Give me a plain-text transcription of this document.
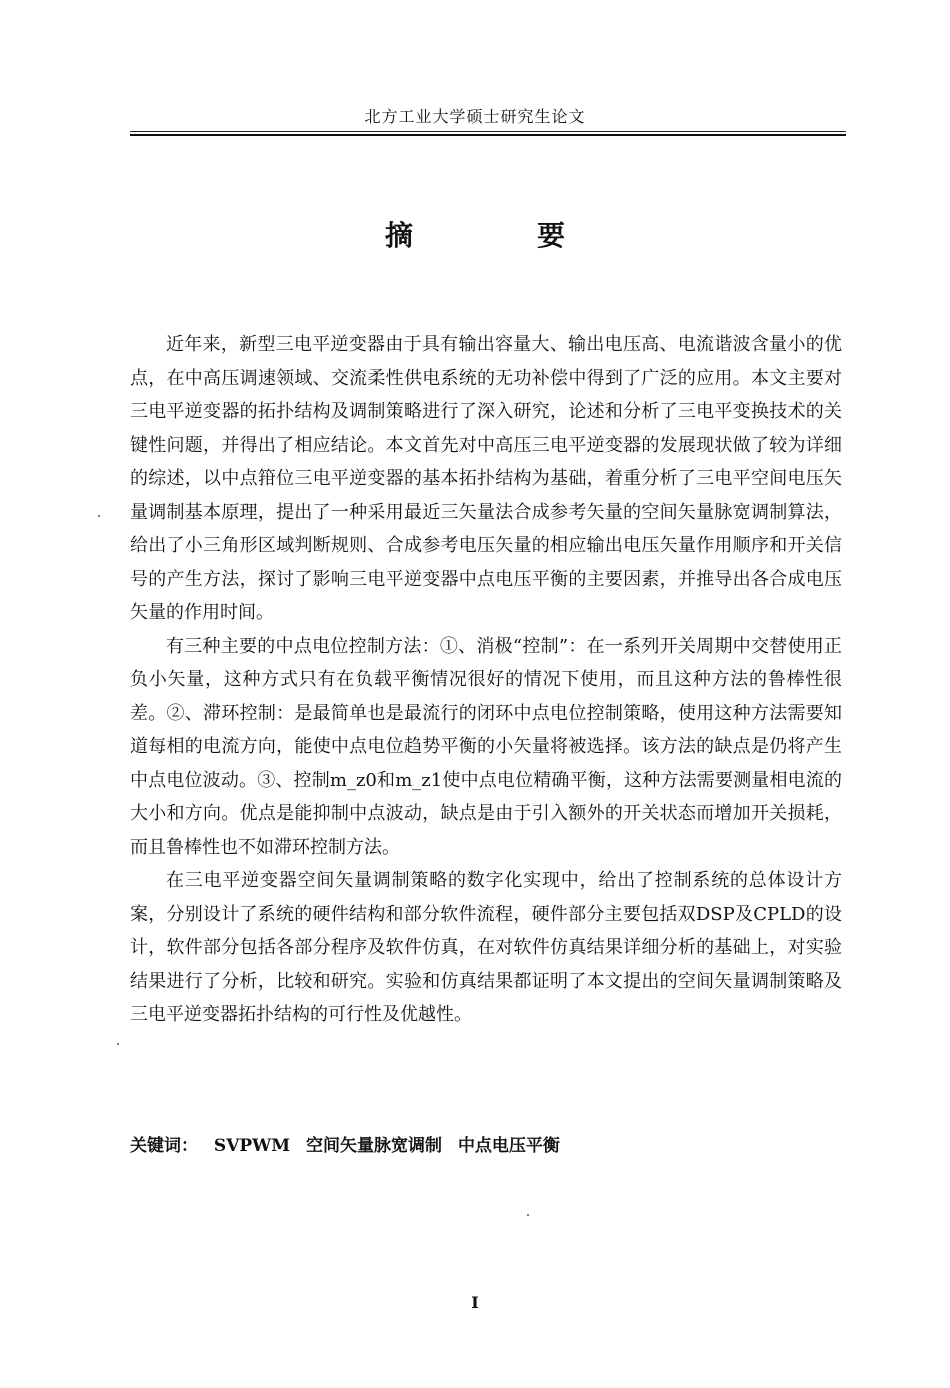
北方工业大学硕士研究生论文
摘　要

近年来，新型三电平逆变器由于具有输出容量大、输出电压高、电流谐波含量小的优点，在中高压调速领域、交流柔性供电系统的无功补偿中得到了广泛的应用。本文主要对三电平逆变器的拓扑结构及调制策略进行了深入研究，论述和分析了三电平变换技术的关键性问题，并得出了相应结论。本文首先对中高压三电平逆变器的发展现状做了较为详细的综述，以中点箝位三电平逆变器的基本拓扑结构为基础，着重分析了三电平空间电压矢量调制基本原理，提出了一种采用最近三矢量法合成参考矢量的空间矢量脉宽调制算法，给出了小三角形区域判断规则、合成参考电压矢量的相应输出电压矢量作用顺序和开关信号的产生方法，探讨了影响三电平逆变器中点电压平衡的主要因素，并推导出各合成电压矢量的作用时间。

有三种主要的中点电位控制方法：①、消极“控制”：在一系列开关周期中交替使用正负小矢量，这种方式只有在负载平衡情况很好的情况下使用，而且这种方法的鲁棒性很差。②、滞环控制：是最简单也是最流行的闭环中点电位控制策略，使用这种方法需要知道每相的电流方向，能使中点电位趋势平衡的小矢量将被选择。该方法的缺点是仍将产生中点电位波动。③、控制m_z0和m_z1使中点电位精确平衡，这种方法需要测量相电流的大小和方向。优点是能抑制中点波动，缺点是由于引入额外的开关状态而增加开关损耗，而且鲁棒性也不如滞环控制方法。

在三电平逆变器空间矢量调制策略的数字化实现中，给出了控制系统的总体设计方案，分别设计了系统的硬件结构和部分软件流程，硬件部分主要包括双DSP及CPLD的设计，软件部分包括各部分程序及软件仿真，在对软件仿真结果详细分析的基础上，对实验结果进行了分析，比较和研究。实验和仿真结果都证明了本文提出的空间矢量调制策略及三电平逆变器拓扑结构的可行性及优越性。

关键词： SVPWM 空间矢量脉宽调制 中点电压平衡
I
